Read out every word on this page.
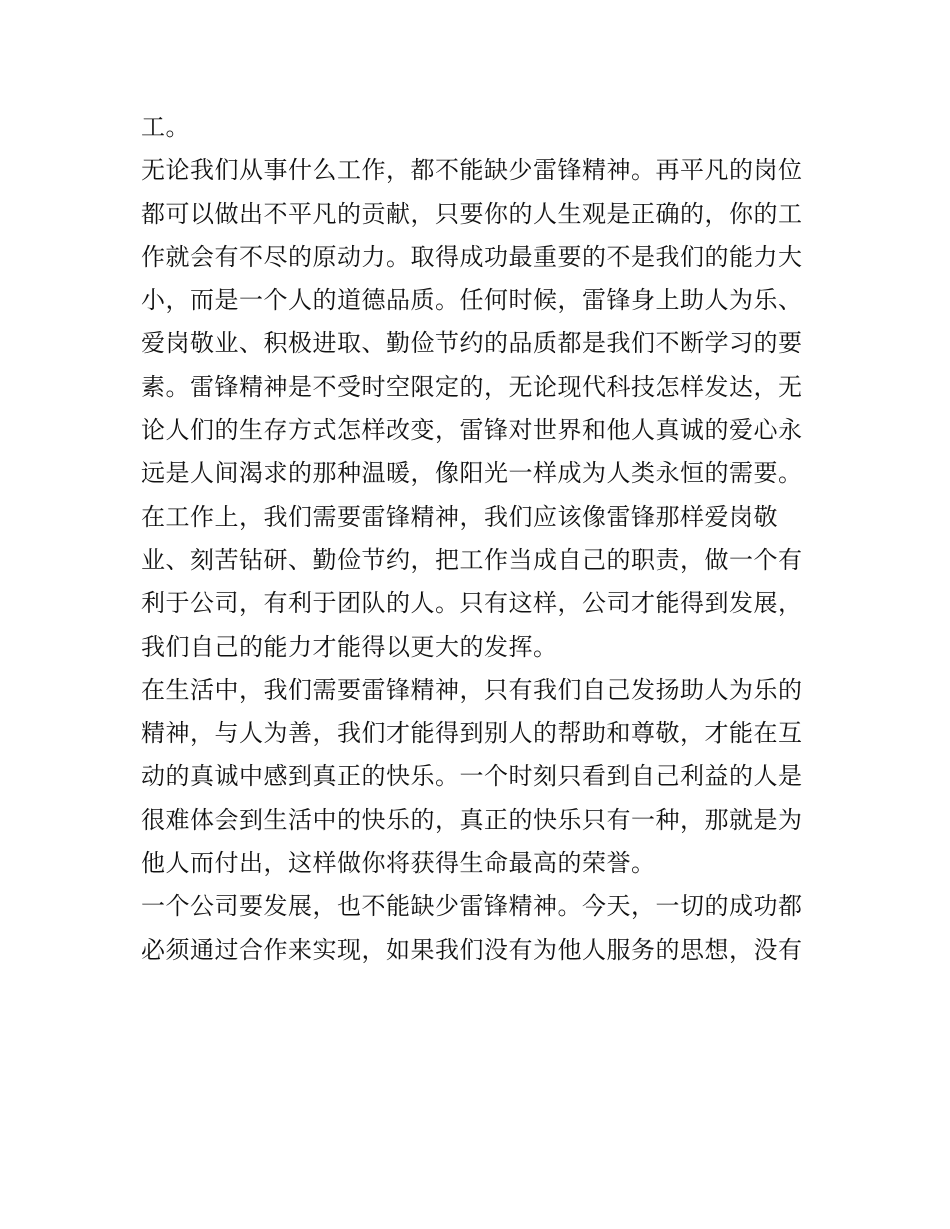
工。
无论我们从事什么工作，都不能缺少雷锋精神。再平凡的岗位
都可以做出不平凡的贡献，只要你的人生观是正确的，你的工
作就会有不尽的原动力。取得成功最重要的不是我们的能力大
小，而是一个人的道德品质。任何时候，雷锋身上助人为乐、
爱岗敬业、积极进取、勤俭节约的品质都是我们不断学习的要
素。雷锋精神是不受时空限定的，无论现代科技怎样发达，无
论人们的生存方式怎样改变，雷锋对世界和他人真诚的爱心永
远是人间渴求的那种温暖，像阳光一样成为人类永恒的需要。
在工作上，我们需要雷锋精神，我们应该像雷锋那样爱岗敬
业、刻苦钻研、勤俭节约，把工作当成自己的职责，做一个有
利于公司，有利于团队的人。只有这样，公司才能得到发展，
我们自己的能力才能得以更大的发挥。
在生活中，我们需要雷锋精神，只有我们自己发扬助人为乐的
精神，与人为善，我们才能得到别人的帮助和尊敬，才能在互
动的真诚中感到真正的快乐。一个时刻只看到自己利益的人是
很难体会到生活中的快乐的，真正的快乐只有一种，那就是为
他人而付出，这样做你将获得生命最高的荣誉。
一个公司要发展，也不能缺少雷锋精神。今天，一切的成功都
必须通过合作来实现，如果我们没有为他人服务的思想，没有
